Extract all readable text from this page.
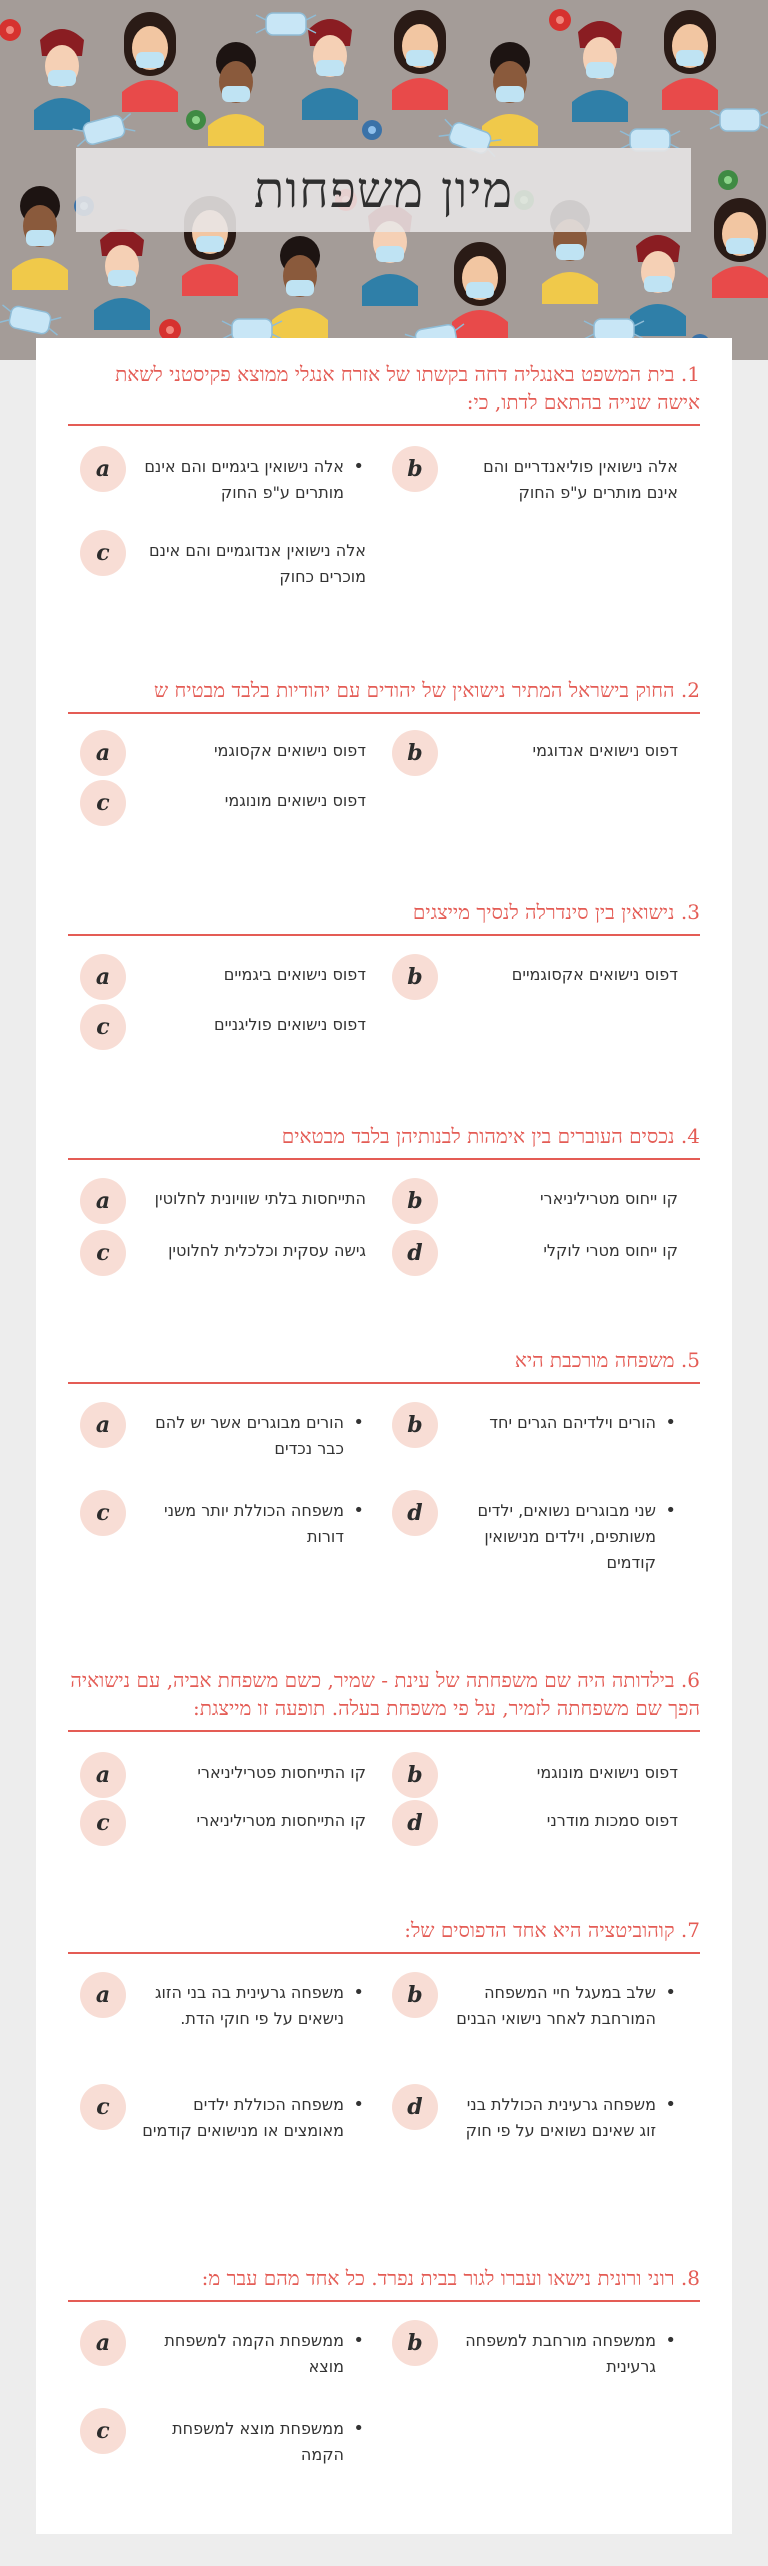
מיון משפחות
1. בית המשפט באנגליה דחה בקשתו של אזרח אנגלי ממוצא פקיסטני לשאת אישה שנייה בהתאם לדתו, כי:
b	אלה נישואין פוליאנדריים והם אינם מותרים ע"פ החוק
a	• אלה נישואין ביגמיים והם אינם מותרים ע"פ החוק
c	אלה נישואין אנדוגמיים והם אינם מוכרים כחוק
2. החוק בישראל המתיר נישואין של יהודים עם יהודיות בלבד מבטיח ש
b	דפוס נישואים אנדוגמי
a	דפוס נישואים אקסוגמי
c	דפוס נישואים מונוגמי
3. נישואין בין סינדרלה לנסיך מייצגים
b	דפוס נישואים אקסוגמיים
a	דפוס נישואים ביגמיים
c	דפוס נישואים פוליגניים
4. נכסים העוברים בין אימהות לבנותיהן בלבד מבטאים
b	קו ייחוס מטריליניארי
a	התייחסות בלתי שוויונית לחלוטין
d	קו ייחוס מטרי לוקלי
c	גישה עסקית וכלכלית לחלוטין
5. משפחה מורכבת היא
b	• הורים וילדיהם הגרים יחד
a	• הורים מבוגרים אשר יש להם כבר נכדים
d	• שני מבוגרים נשואים, ילדים משותפים, וילדים מנישואין קודמים
c	• משפחה הכוללת יותר משני דורות
6. בילדותה היה שם משפחתה של עינת - שמיר, כשם משפחת אביה, עם נישואיה הפך שם משפחתה לזמיר, על פי משפחת בעלה. תופעה זו מייצגת:
b	דפוס נישואים מונוגמי
a	קו התייחסות פטריליניארי
d	דפוס סמכות מודרני
c	קו התייחסות מטריליניארי
7. קוהוביטציה היא אחד הדפוסים של:
b	• שלב במעגל חיי המשפחה המורחבת לאחר נישואי הבנים
a	• משפחה גרעינית בה בני הזוג נישאים על פי חוקי הדת.
d	• משפחה גרעינית הכוללת בני זוג שאינם נשואים על פי חוק
c	• משפחה הכוללת ילדים מאומצים או מנישואים קודמים
8. רוני ורונית נישאו ועברו לגור בבית נפרד. כל אחד מהם עבר מ:
b	• ממשפחה מורחבת למשפחה גרעינית
a	• ממשפחת הקמה למשפחת מוצא
c	• ממשפחת מוצא למשפחת הקמה
